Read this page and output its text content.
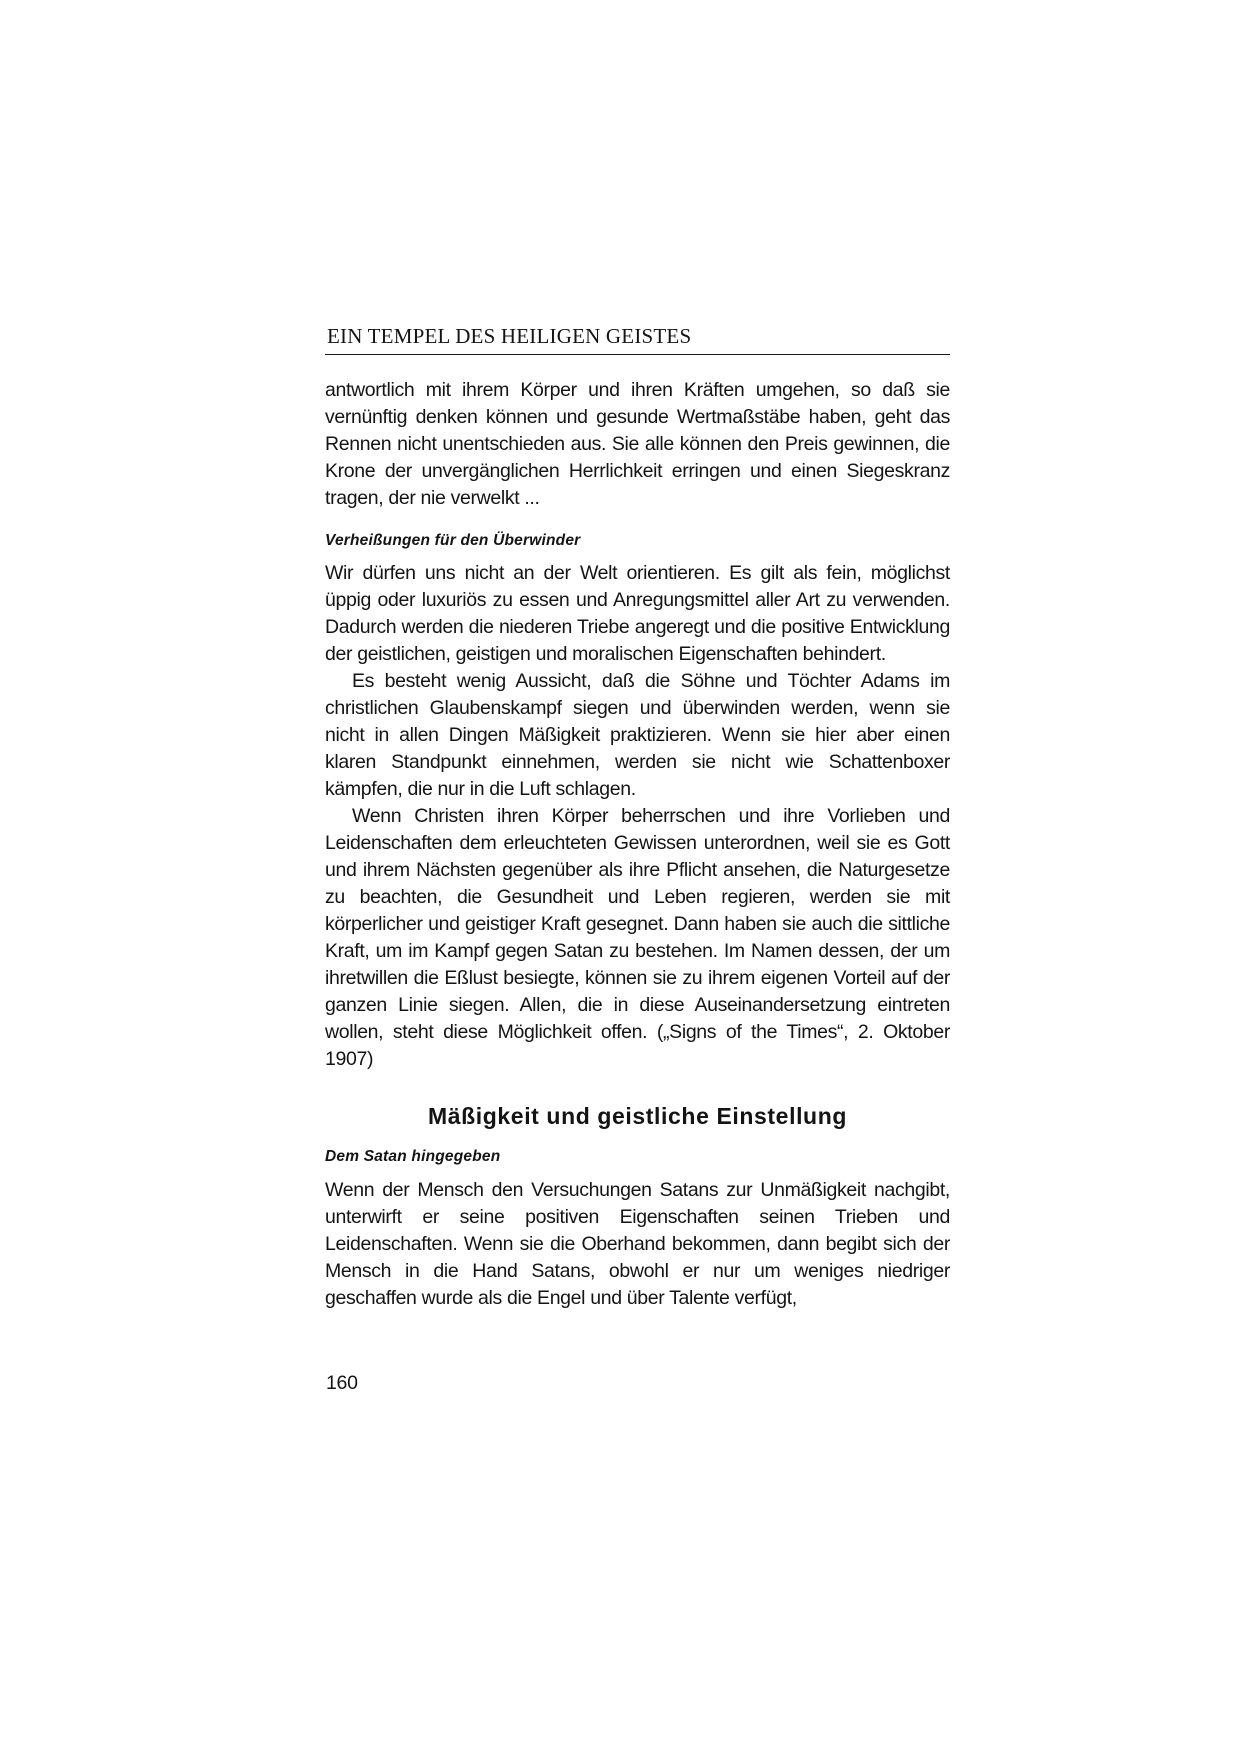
EIN TEMPEL DES HEILIGEN GEISTES

antwortlich mit ihrem Körper und ihren Kräften umgehen, so daß sie vernünftig denken können und gesunde Wertmaßstäbe haben, geht das Rennen nicht unentschieden aus. Sie alle können den Preis gewinnen, die Krone der unvergänglichen Herrlichkeit erringen und einen Siegeskranz tragen, der nie verwelkt ...

Verheißungen für den Überwinder

Wir dürfen uns nicht an der Welt orientieren. Es gilt als fein, möglichst üppig oder luxuriös zu essen und Anregungsmittel aller Art zu verwenden. Dadurch werden die niederen Triebe angeregt und die positive Entwicklung der geistlichen, geistigen und moralischen Eigenschaften behindert.

Es besteht wenig Aussicht, daß die Söhne und Töchter Adams im christlichen Glaubenskampf siegen und überwinden werden, wenn sie nicht in allen Dingen Mäßigkeit praktizieren. Wenn sie hier aber einen klaren Standpunkt einnehmen, werden sie nicht wie Schattenboxer kämpfen, die nur in die Luft schlagen.

Wenn Christen ihren Körper beherrschen und ihre Vorlieben und Leidenschaften dem erleuchteten Gewissen unterordnen, weil sie es Gott und ihrem Nächsten gegenüber als ihre Pflicht ansehen, die Naturgesetze zu beachten, die Gesundheit und Leben regieren, werden sie mit körperlicher und geistiger Kraft gesegnet. Dann haben sie auch die sittliche Kraft, um im Kampf gegen Satan zu bestehen. Im Namen dessen, der um ihretwillen die Eßlust besiegte, können sie zu ihrem eigenen Vorteil auf der ganzen Linie siegen. Allen, die in diese Auseinandersetzung eintreten wollen, steht diese Möglichkeit offen. („Signs of the Times“, 2. Oktober 1907)

Mäßigkeit und geistliche Einstellung
Dem Satan hingegeben

Wenn der Mensch den Versuchungen Satans zur Unmäßigkeit nachgibt, unterwirft er seine positiven Eigenschaften seinen Trieben und Leidenschaften. Wenn sie die Oberhand bekommen, dann begibt sich der Mensch in die Hand Satans, obwohl er nur um weniges niedriger geschaffen wurde als die Engel und über Talente verfügt,

160
